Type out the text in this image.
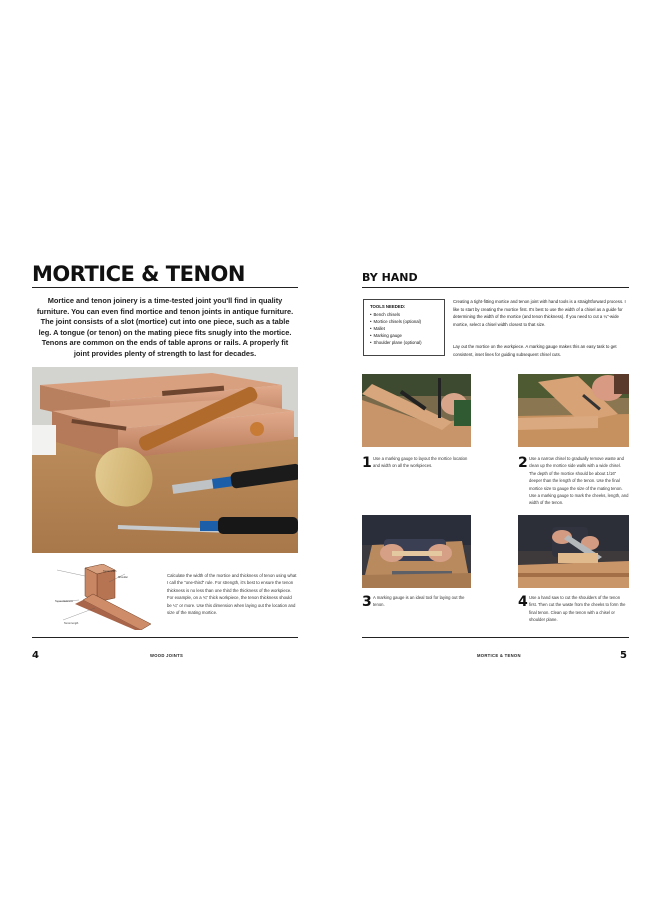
MORTICE & TENON
Mortice and tenon joinery is a time-tested joint you'll find in quality furniture. You can even find mortice and tenon joints in antique furniture. The joint consists of a slot (mortice) cut into one piece, such as a table leg. A tongue (or tenon) on the mating piece fits snugly into the mortice. Tenons are common on the ends of table aprons or rails. A properly fit joint provides plenty of strength to last for decades.
Tenon width
Tenon thickness
Shoulder
Tenon length
Calculate the width of the mortice and thickness of tenon using what I call the "one-third" rule. For strength, it's best to ensure the tenon thickness is no less than one third the thickness of the workpiece. For example, on a ¾" thick workpiece, the tenon thickness should be ¼" or more. Use this dimension when laying out the location and size of the mating mortice.
4	WOOD JOINTS
BY HAND
TOOLS NEEDED:
• Bench chisels
• Mortice chisels (optional)
• Mallet
• Marking gauge
• Shoulder plane (optional)
Creating a tight-fitting mortice and tenon joint with hand tools is a straightforward process. I like to start by creating the mortice first. It's best to use the width of a chisel as a guide for determining the width of the mortice (and tenon thickness). If you need to cut a ¼"-wide mortice, select a chisel width closest to that size.
Lay out the mortice on the workpiece. A marking gauge makes this an easy task to get consistent, inset lines for guiding subsequent chisel cuts.
1 Use a marking gauge to layout the mortice location and width on all the workpieces.	2 Use a narrow chisel to gradually remove waste and clean up the mortice side walls with a wide chisel. The depth of the mortice should be about 1/16" deeper than the length of the tenon. Use the final mortice size to gauge the size of the mating tenon. Use a marking gauge to mark the cheeks, length, and width of the tenon.
3 A marking gauge is an ideal tool for laying out the tenon.	4 Use a hand saw to cut the shoulders of the tenon first. Then cut the waste from the cheeks to form the final tenon. Clean up the tenon with a chisel or shoulder plane.
MORTICE & TENON	5
